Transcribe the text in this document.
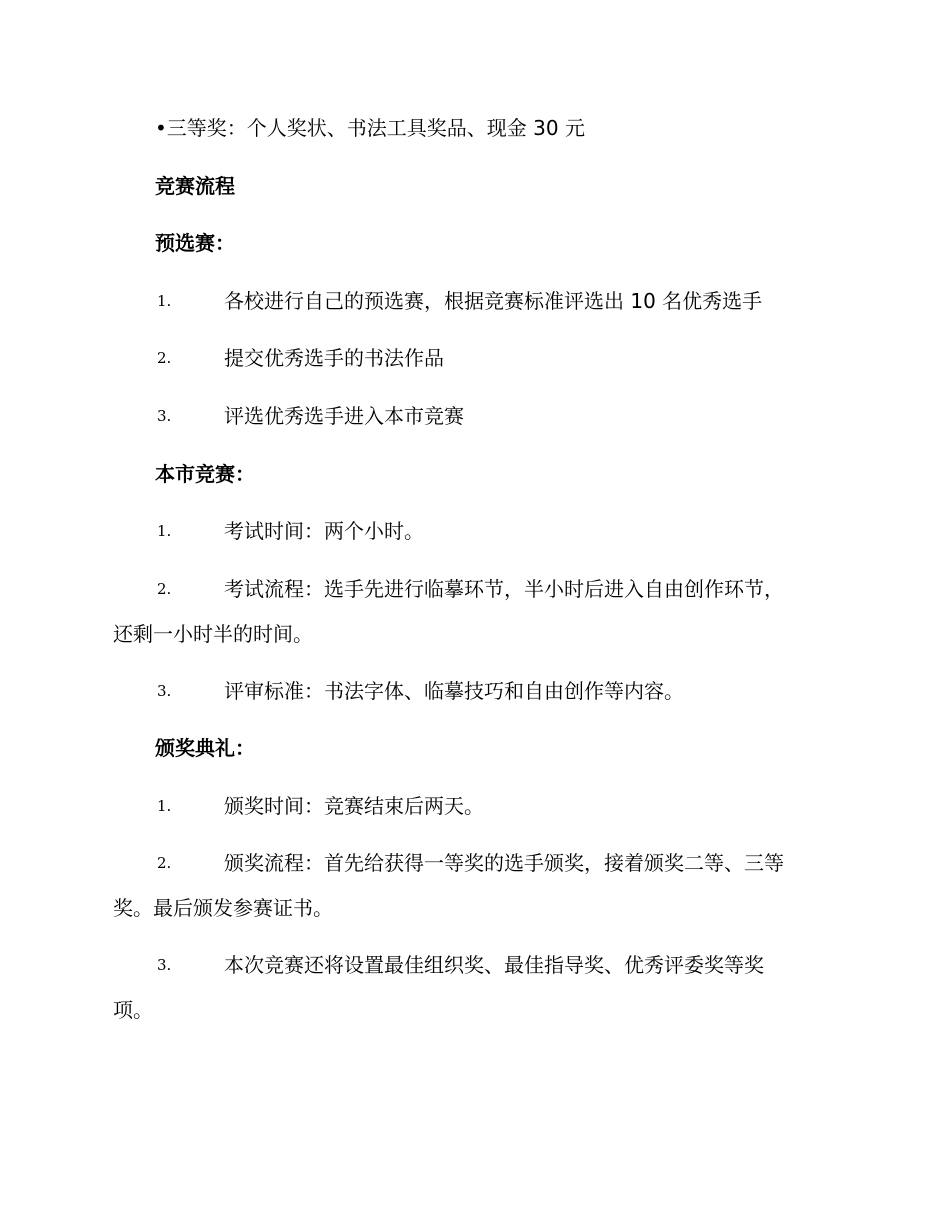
•三等奖：个人奖状、书法工具奖品、现金 30 元
竞赛流程
预选赛：
1.	各校进行自己的预选赛，根据竞赛标准评选出 10 名优秀选手
2.	提交优秀选手的书法作品
3.	评选优秀选手进入本市竞赛
本市竞赛：
1.	考试时间：两个小时。
2.	考试流程：选手先进行临摹环节，半小时后进入自由创作环节，
还剩一小时半的时间。
3.	评审标准：书法字体、临摹技巧和自由创作等内容。
颁奖典礼：
1.	颁奖时间：竞赛结束后两天。
2.	颁奖流程：首先给获得一等奖的选手颁奖，接着颁奖二等、三等
奖。最后颁发参赛证书。
3.	本次竞赛还将设置最佳组织奖、最佳指导奖、优秀评委奖等奖
项。
